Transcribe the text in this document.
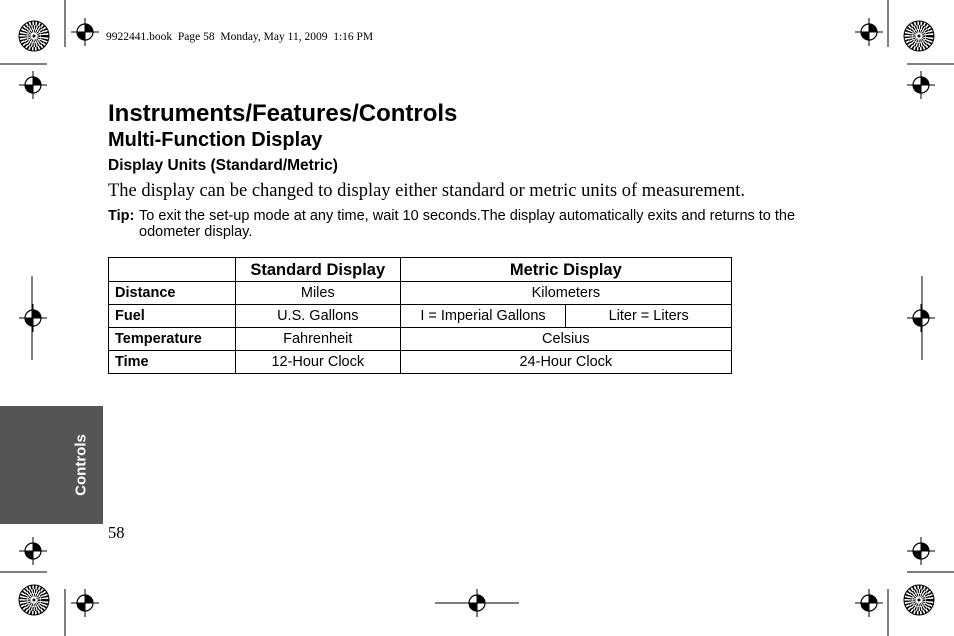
9922441.book  Page 58  Monday, May 11, 2009  1:16 PM
Instruments/Features/Controls
Multi-Function Display
Display Units (Standard/Metric)
The display can be changed to display either standard or metric units of measurement.
Tip: To exit the set-up mode at any time, wait 10 seconds.The display automatically exits and returns to the odometer display.
	Standard Display	Metric Display	
Distance	Miles	Kilometers	
Fuel	U.S. Gallons	I = Imperial Gallons	Liter = Liters
Temperature	Fahrenheit	Celsius	
Time	12-Hour Clock	24-Hour Clock	
Controls
58
